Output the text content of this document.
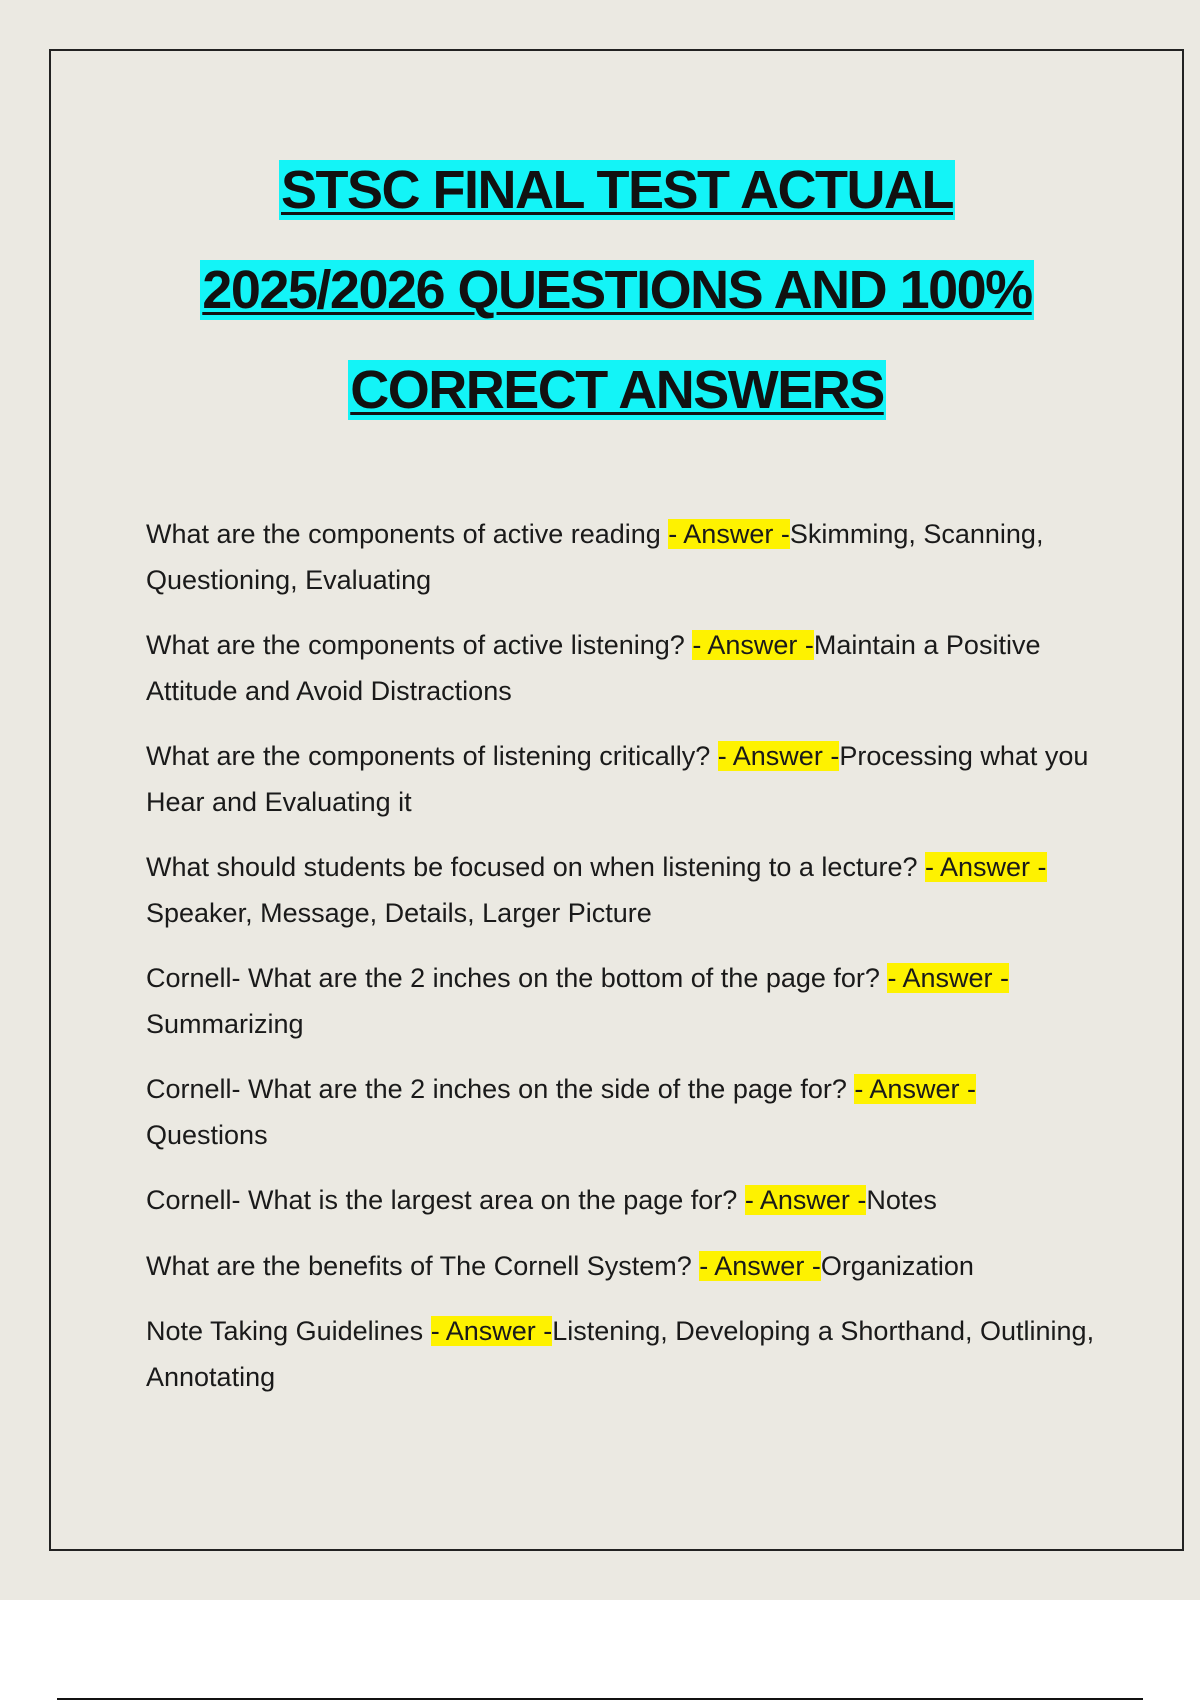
STSC FINAL TEST ACTUAL
2025/2026 QUESTIONS AND 100%
CORRECT ANSWERS

What are the components of active reading - Answer -Skimming, Scanning, Questioning, Evaluating

What are the components of active listening? - Answer -Maintain a Positive Attitude and Avoid Distractions

What are the components of listening critically? - Answer -Processing what you Hear and Evaluating it

What should students be focused on when listening to a lecture? - Answer -Speaker, Message, Details, Larger Picture

Cornell- What are the 2 inches on the bottom of the page for? - Answer -Summarizing

Cornell- What are the 2 inches on the side of the page for? - Answer - Questions

Cornell- What is the largest area on the page for? - Answer -Notes

What are the benefits of The Cornell System? - Answer -Organization

Note Taking Guidelines - Answer -Listening, Developing a Shorthand, Outlining, Annotating
